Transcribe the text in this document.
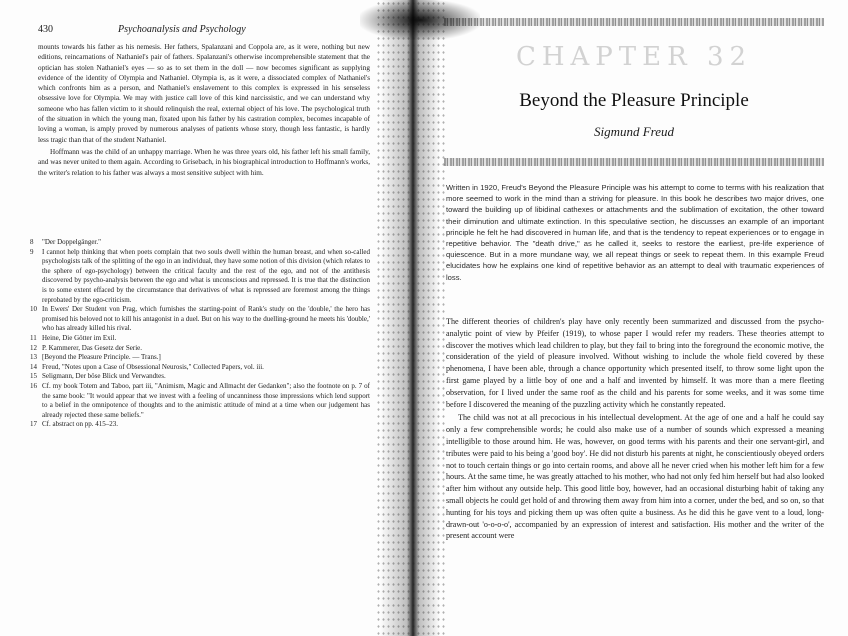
430	Psychoanalysis and Psychology

mounts towards his father as his nemesis. Her fathers, Spalanzani and Coppola are, as it were, nothing but new editions, reincarnations of Nathaniel's pair of fathers. Spalanzani's otherwise incomprehensible statement that the optician has stolen Nathaniel's eyes — so as to set them in the doll — now becomes significant as supplying evidence of the identity of Olympia and Nathaniel. Olympia is, as it were, a dissociated complex of Nathaniel's which confronts him as a person, and Nathaniel's enslavement to this complex is expressed in his senseless obsessive love for Olympia. We may with justice call love of this kind narcissistic, and we can understand why someone who has fallen victim to it should relinquish the real, external object of his love. The psychological truth of the situation in which the young man, fixated upon his father by his castration complex, becomes incapable of loving a woman, is amply proved by numerous analyses of patients whose story, though less fantastic, is hardly less tragic than that of the student Nathaniel.

Hoffmann was the child of an unhappy marriage. When he was three years old, his father left his small family, and was never united to them again. According to Grisebach, in his biographical introduction to Hoffmann's works, the writer's relation to his father was always a most sensitive subject with him.

8	"Der Doppelgänger."
9	I cannot help thinking that when poets complain that two souls dwell within the human breast, and when so-called psychologists talk of the splitting of the ego in an individual, they have some notion of this division (which relates to the sphere of ego-psychology) between the critical faculty and the rest of the ego, and not of the antithesis discovered by psycho-analysis between the ego and what is unconscious and repressed. It is true that the distinction is to some extent effaced by the circumstance that derivatives of what is repressed are foremost among the things reprobated by the ego-criticism.
10 In Ewers' Der Student von Prag, which furnishes the starting-point of Rank's study on the 'double,' the hero has promised his beloved not to kill his antagonist in a duel. But on his way to the duelling-ground he meets his 'double,' who has already killed his rival.
11 Heine, Die Götter im Exil.
12 P. Kammerer, Das Gesetz der Serie.
13 [Beyond the Pleasure Principle. — Trans.]
14 Freud, "Notes upon a Case of Obsessional Neurosis," Collected Papers, vol. iii.
15 Seligmann, Der böse Blick und Verwandtes.
16 Cf. my book Totem and Taboo, part iii, "Animism, Magic and Allmacht der Gedanken"; also the footnote on p. 7 of the same book: "It would appear that we invest with a feeling of uncanniness those impressions which lend support to a belief in the omnipotence of thoughts and to the animistic attitude of mind at a time when our judgement has already rejected these same beliefs."
17 Cf. abstract on pp. 415–23.
CHAPTER 32
Beyond the Pleasure Principle
Sigmund Freud

Written in 1920, Freud's Beyond the Pleasure Principle was his attempt to come to terms with his realization that more seemed to work in the mind than a striving for pleasure. In this book he describes two major drives, one toward the building up of libidinal cathexes or attachments and the sublimation of excitation, the other toward their diminution and ultimate extinction. In this speculative section, he discusses an example of an important principle he felt he had discovered in human life, and that is the tendency to repeat experiences or to engage in repetitive behavior. The "death drive," as he called it, seeks to restore the earliest, pre-life experience of quiescence. But in a more mundane way, we all repeat things or seek to repeat them. In this example Freud elucidates how he explains one kind of repetitive behavior as an attempt to deal with traumatic experiences of loss.

The different theories of children's play have only recently been summarized and discussed from the psycho-analytic point of view by Pfeifer (1919), to whose paper I would refer my readers. These theories attempt to discover the motives which lead children to play, but they fail to bring into the foreground the economic motive, the consideration of the yield of pleasure involved. Without wishing to include the whole field covered by these phenomena, I have been able, through a chance opportunity which presented itself, to throw some light upon the first game played by a little boy of one and a half and invented by himself. It was more than a mere fleeting observation, for I lived under the same roof as the child and his parents for some weeks, and it was some time before I discovered the meaning of the puzzling activity which he constantly repeated.

The child was not at all precocious in his intellectual development. At the age of one and a half he could say only a few comprehensible words; he could also make use of a number of sounds which expressed a meaning intelligible to those around him. He was, however, on good terms with his parents and their one servant-girl, and tributes were paid to his being a 'good boy'. He did not disturb his parents at night, he conscientiously obeyed orders not to touch certain things or go into certain rooms, and above all he never cried when his mother left him for a few hours. At the same time, he was greatly attached to his mother, who had not only fed him herself but had also looked after him without any outside help. This good little boy, however, had an occasional disturbing habit of taking any small objects he could get hold of and throwing them away from him into a corner, under the bed, and so on, so that hunting for his toys and picking them up was often quite a business. As he did this he gave vent to a loud, long-drawn-out 'o-o-o-o', accompanied by an expression of interest and satisfaction. His mother and the writer of the present account were
